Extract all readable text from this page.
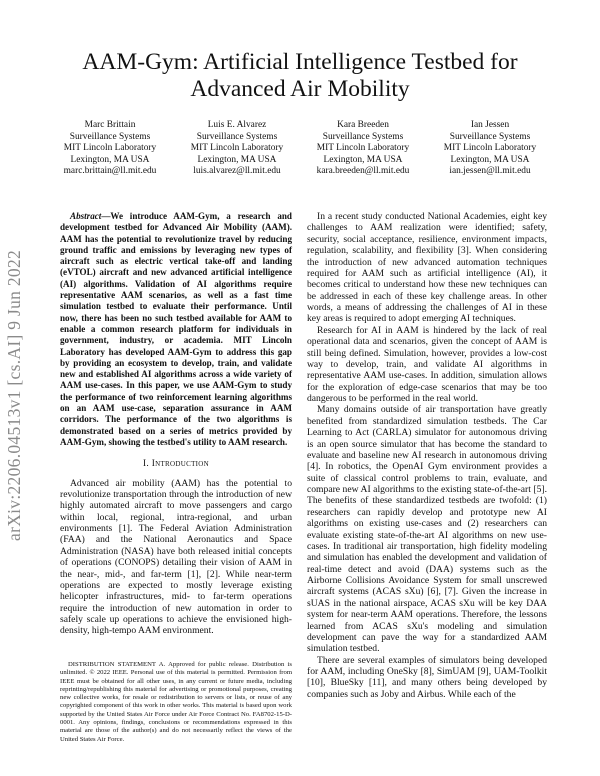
arXiv:2206.04513v1 [cs.AI] 9 Jun 2022
AAM-Gym: Artificial Intelligence Testbed for Advanced Air Mobility
Marc Brittain
Surveillance Systems
MIT Lincoln Laboratory
Lexington, MA USA
marc.brittain@ll.mit.edu
Luis E. Alvarez
Surveillance Systems
MIT Lincoln Laboratory
Lexington, MA USA
luis.alvarez@ll.mit.edu
Kara Breeden
Surveillance Systems
MIT Lincoln Laboratory
Lexington, MA USA
kara.breeden@ll.mit.edu
Ian Jessen
Surveillance Systems
MIT Lincoln Laboratory
Lexington, MA USA
ian.jessen@ll.mit.edu

Abstract—We introduce AAM-Gym, a research and development testbed for Advanced Air Mobility (AAM). AAM has the potential to revolutionize travel by reducing ground traffic and emissions by leveraging new types of aircraft such as electric vertical take-off and landing (eVTOL) aircraft and new advanced artificial intelligence (AI) algorithms. Validation of AI algorithms require representative AAM scenarios, as well as a fast time simulation testbed to evaluate their performance. Until now, there has been no such testbed available for AAM to enable a common research platform for individuals in government, industry, or academia. MIT Lincoln Laboratory has developed AAM-Gym to address this gap by providing an ecosystem to develop, train, and validate new and established AI algorithms across a wide variety of AAM use-cases. In this paper, we use AAM-Gym to study the performance of two reinforcement learning algorithms on an AAM use-case, separation assurance in AAM corridors. The performance of the two algorithms is demonstrated based on a series of metrics provided by AAM-Gym, showing the testbed's utility to AAM research.

I. Introduction

Advanced air mobility (AAM) has the potential to revolutionize transportation through the introduction of new highly automated aircraft to move passengers and cargo within local, regional, intra-regional, and urban environments [1]. The Federal Aviation Administration (FAA) and the National Aeronautics and Space Administration (NASA) have both released initial concepts of operations (CONOPS) detailing their vision of AAM in the near-, mid-, and far-term [1], [2]. While near-term operations are expected to mostly leverage existing helicopter infrastructures, mid- to far-term operations require the introduction of new automation in order to safely scale up operations to achieve the envisioned high-density, high-tempo AAM environment.

DISTRIBUTION STATEMENT A. Approved for public release. Distribution is unlimited. © 2022 IEEE. Personal use of this material is permitted. Permission from IEEE must be obtained for all other uses, in any current or future media, including reprinting/republishing this material for advertising or promotional purposes, creating new collective works, for resale or redistribution to servers or lists, or reuse of any copyrighted component of this work in other works. This material is based upon work supported by the United States Air Force under Air Force Contract No. FA8702-15-D-0001. Any opinions, findings, conclusions or recommendations expressed in this material are those of the author(s) and do not necessarily reflect the views of the United States Air Force.

In a recent study conducted National Academies, eight key challenges to AAM realization were identified; safety, security, social acceptance, resilience, environment impacts, regulation, scalability, and flexibility [3]. When considering the introduction of new advanced automation techniques required for AAM such as artificial intelligence (AI), it becomes critical to understand how these new techniques can be addressed in each of these key challenge areas. In other words, a means of addressing the challenges of AI in these key areas is required to adopt emerging AI techniques.

Research for AI in AAM is hindered by the lack of real operational data and scenarios, given the concept of AAM is still being defined. Simulation, however, provides a low-cost way to develop, train, and validate AI algorithms in representative AAM use-cases. In addition, simulation allows for the exploration of edge-case scenarios that may be too dangerous to be performed in the real world.

Many domains outside of air transportation have greatly benefited from standardized simulation testbeds. The Car Learning to Act (CARLA) simulator for autonomous driving is an open source simulator that has become the standard to evaluate and baseline new AI research in autonomous driving [4]. In robotics, the OpenAI Gym environment provides a suite of classical control problems to train, evaluate, and compare new AI algorithms to the existing state-of-the-art [5]. The benefits of these standardized testbeds are twofold: (1) researchers can rapidly develop and prototype new AI algorithms on existing use-cases and (2) researchers can evaluate existing state-of-the-art AI algorithms on new use-cases. In traditional air transportation, high fidelity modeling and simulation has enabled the development and validation of real-time detect and avoid (DAA) systems such as the Airborne Collisions Avoidance System for small unscrewed aircraft systems (ACAS sXu) [6], [7]. Given the increase in sUAS in the national airspace, ACAS sXu will be key DAA system for near-term AAM operations. Therefore, the lessons learned from ACAS sXu's modeling and simulation development can pave the way for a standardized AAM simulation testbed.

There are several examples of simulators being developed for AAM, including OneSky [8], SimUAM [9], UAM-Toolkit [10], BlueSky [11], and many others being developed by companies such as Joby and Airbus. While each of the
